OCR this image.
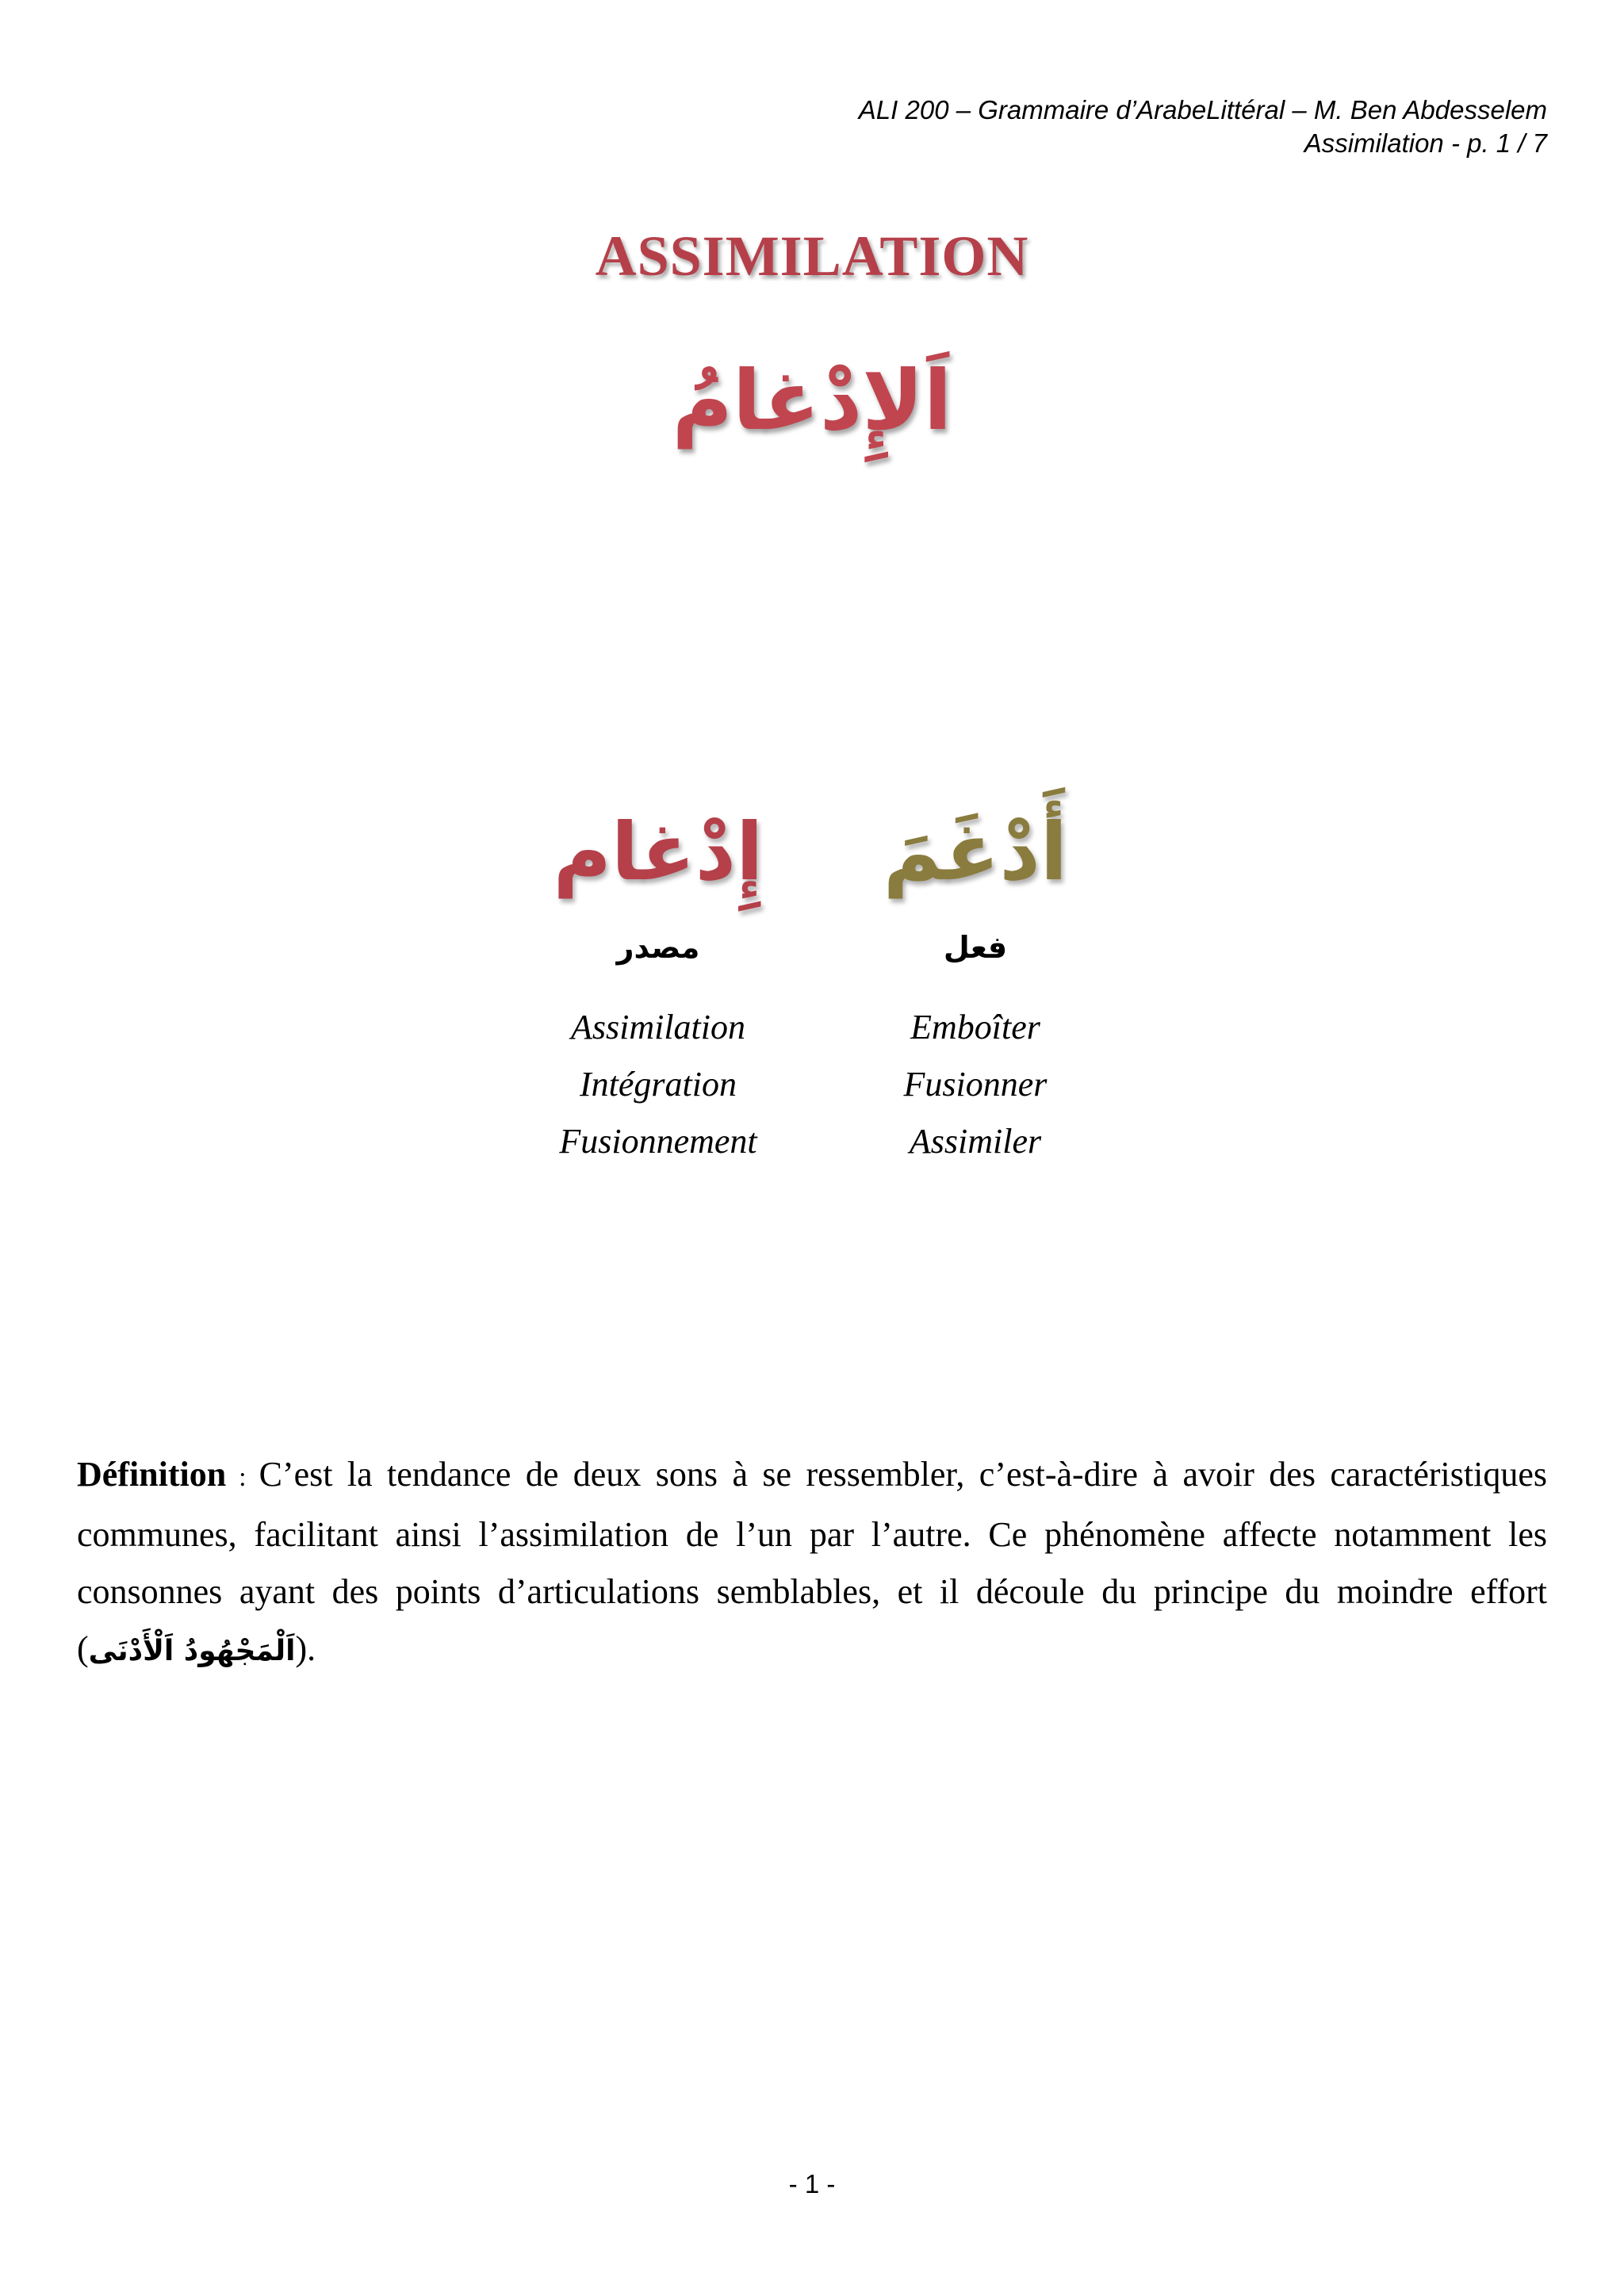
ALI 200 – Grammaire d’ArabeLittéral – M. Ben Abdesselem
Assimilation - p. 1 / 7
ASSIMILATION
اَلإِدْغامُ
أَدْغَمَ
فعل
Emboîter
Fusionner
Assimiler
إِدْغام
مصدر
Assimilation
Intégration
Fusionnement

Définition : C’est la tendance de deux sons à se ressembler, c’est-à-dire à avoir des caractéristiques communes, facilitant ainsi l’assimilation de l’un par l’autre. Ce phénomène affecte notamment les consonnes ayant des points d’articulations semblables, et il découle du principe du moindre effort (اَلْمَجْهُودُ اَلْأَدْنَى).

- 1 -
